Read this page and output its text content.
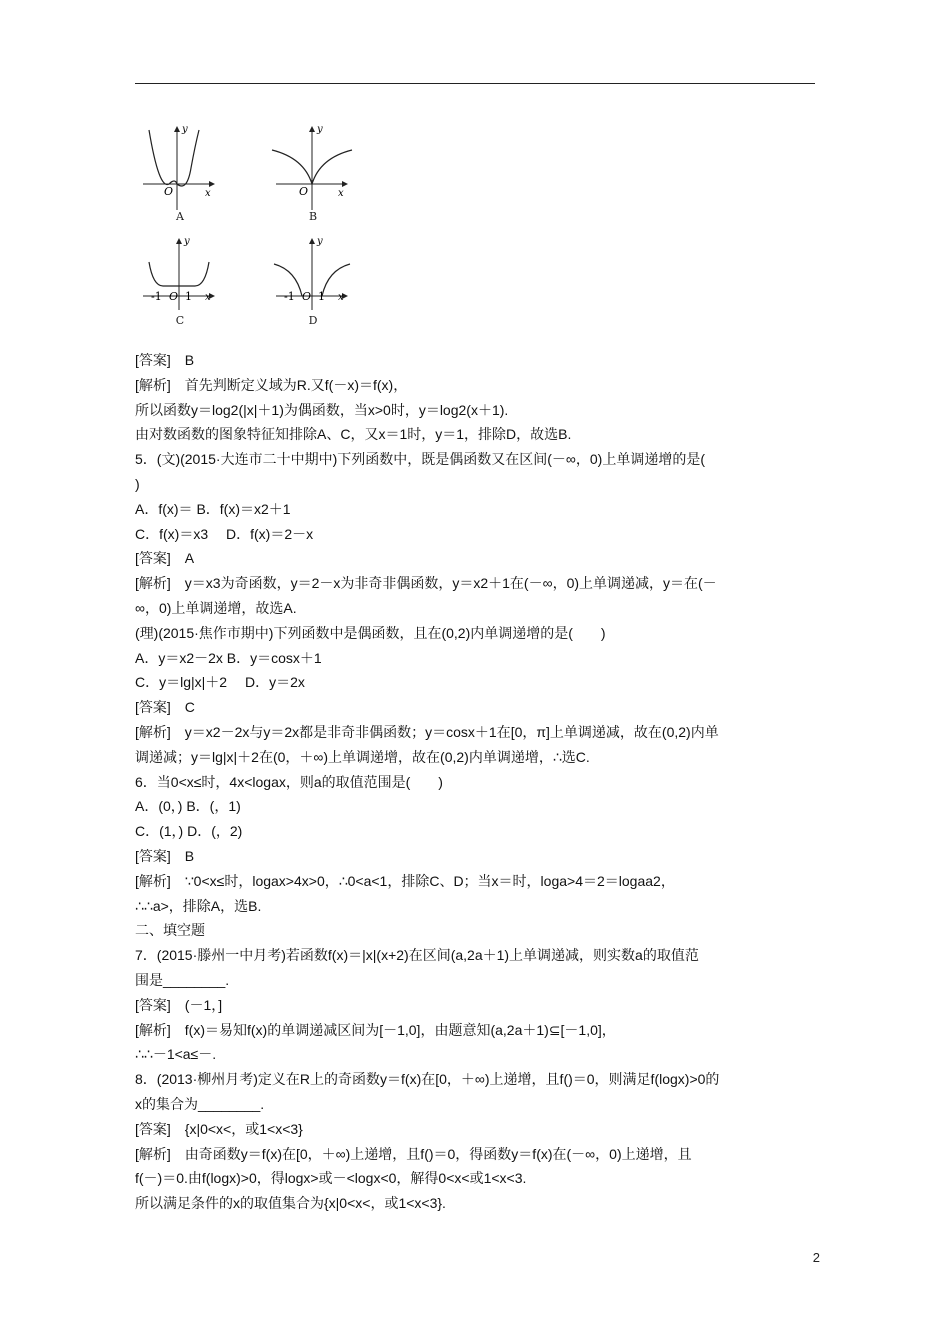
y
O	x
A
y
O	x
B
y
-1 O 1 x
C
y
-1 O 1 x
D
[答案]　B
[解析]　首先判断定义域为R.又f(－x)＝f(x)，
所以函数y＝log2(|x|＋1)为偶函数，当x>0时，y＝log2(x＋1).
由对数函数的图象特征知排除A、C，又x＝1时，y＝1，排除D，故选B.
5．(文)(2015·大连市二十中期中)下列函数中，既是偶函数又在区间(－∞，0)上单调递增的是(
)
A．f(x)＝ B．f(x)＝x2＋1
C．f(x)＝x3　 D．f(x)＝2－x
[答案]　A
[解析]　y＝x3为奇函数，y＝2－x为非奇非偶函数，y＝x2＋1在(－∞，0)上单调递减，y＝在(－
∞，0)上单调递增，故选A.
(理)(2015·焦作市期中)下列函数中是偶函数，且在(0,2)内单调递增的是(　　)
A．y＝x2－2x B．y＝cosx＋1
C．y＝lg|x|＋2　 D．y＝2x
[答案]　C
[解析]　y＝x2－2x与y＝2x都是非奇非偶函数；y＝cosx＋1在[0，π]上单调递减，故在(0,2)内单
调递减；y＝lg|x|＋2在(0，＋∞)上单调递增，故在(0,2)内单调递增，∴选C.
6．当0<x≤时，4x<logax，则a的取值范围是(　　)
A．(0，) B．(，1)
C．(1，) D．(，2)
[答案]　B
[解析]　∵0<x≤时，logax>4x>0，∴0<a<1，排除C、D；当x＝时，loga>4＝2＝logaa2，
∴∴a>，排除A，选B.
二、填空题
7．(2015·滕州一中月考)若函数f(x)＝|x|(x+2)在区间(a,2a＋1)上单调递减，则实数a的取值范
围是________.
[答案]　(－1，]
[解析]　f(x)＝易知f(x)的单调递减区间为[－1,0]，由题意知(a,2a＋1)⊆[－1,0]，
∴∴－1<a≤－.
8．(2013·柳州月考)定义在R上的奇函数y＝f(x)在[0，＋∞)上递增，且f()＝0，则满足f(logx)>0的
x的集合为________.
[答案]　{x|0<x<，或1<x<3}
[解析]　由奇函数y＝f(x)在[0，＋∞)上递增，且f()＝0，得函数y＝f(x)在(－∞，0)上递增，且
f(－)＝0.由f(logx)>0，得logx>或－<logx<0，解得0<x<或1<x<3.
所以满足条件的x的取值集合为{x|0<x<，或1<x<3}.
2
